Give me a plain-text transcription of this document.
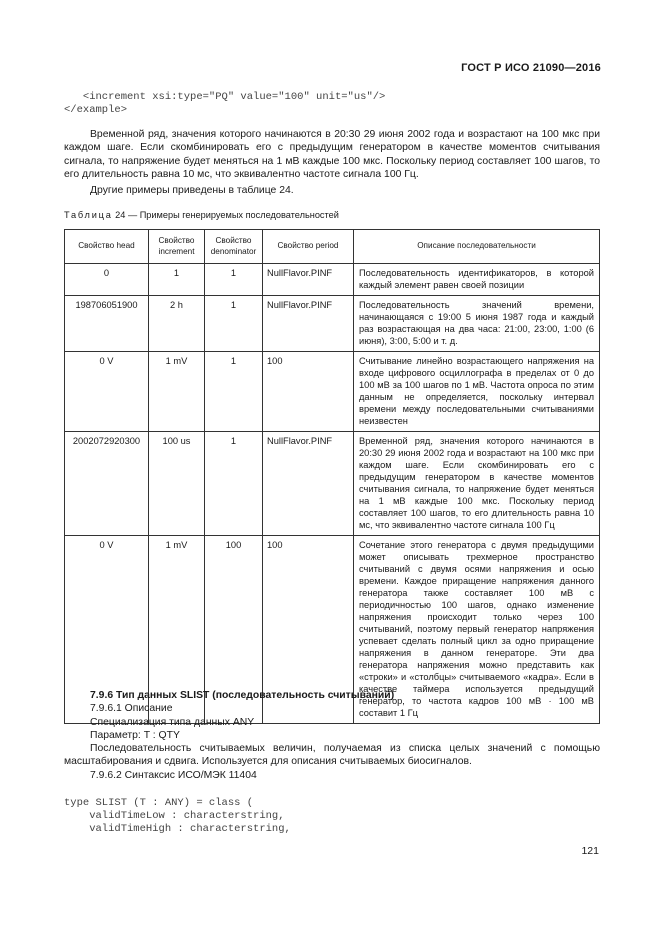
ГОСТ Р ИСО 21090—2016
<increment xsi:type="PQ" value="100" unit="us"/>
</example>
Временной ряд, значения которого начинаются в 20:30 29 июня 2002 года и возрастают на 100 мкс при каждом шаге. Если скомбинировать его с предыдущим генератором в качестве моментов считывания сигнала, то напряжение будет меняться на 1 мВ каждые 100 мкс. Поскольку период составляет 100 шагов, то его длительность равна 10 мс, что эквивалентно частоте сигнала 100 Гц.
Другие примеры приведены в таблице 24.
Таблица 24 — Примеры генерируемых последовательностей
Свойство head	Свойство increment	Свойство denominator	Свойство period	Описание последовательности
0	1	1	NullFlavor.PINF	Последовательность идентификаторов, в которой каждый элемент равен своей позиции
198706051900	2 h	1	NullFlavor.PINF	Последовательность значений времени, начинающаяся с 19:00 5 июня 1987 года и каждый раз возрастающая на два часа: 21:00, 23:00, 1:00 (6 июня), 3:00, 5:00 и т. д.
0 V	1 mV	1	100	Считывание линейно возрастающего напряжения на входе цифрового осциллографа в пределах от 0 до 100 мВ за 100 шагов по 1 мВ. Частота опроса по этим данным не определяется, поскольку интервал времени между последовательными считываниями неизвестен
2002072920300	100 us	1	NullFlavor.PINF	Временной ряд, значения которого начинаются в 20:30 29 июня 2002 года и возрастают на 100 мкс при каждом шаге. Если скомбинировать его с предыдущим генератором в качестве моментов считывания сигнала, то напряжение будет меняться на 1 мВ каждые 100 мкс. Поскольку период составляет 100 шагов, то его длительность равна 10 мс, что эквивалентно частоте сигнала 100 Гц
0 V	1 mV	100	100	Сочетание этого генератора с двумя предыдущими может описывать трехмерное пространство считываний с двумя осями напряжения и осью времени. Каждое приращение напряжения данного генератора также составляет 100 мВ с периодичностью 100 шагов, однако изменение напряжения происходит только через 100 считываний, поэтому первый генератор напряжения успевает сделать полный цикл за одно приращение напряжения в данном генераторе. Эти два генератора напряжения можно представить как «строки» и «столбцы» считываемого «кадра». Если в качестве таймера используется предыдущий генератор, то частота кадров 100 мВ · 100 мВ составит 1 Гц
7.9.6 Тип данных SLIST (последовательность считываний)
7.9.6.1 Описание
Специализация типа данных ANY
Параметр: T : QTY
Последовательность считываемых величин, получаемая из списка целых значений с помощью масштабирования и сдвига. Используется для описания считываемых биосигналов.
7.9.6.2 Синтаксис ИСО/МЭК 11404
type SLIST (T : ANY) = class (
validTimeLow : characterstring,
validTimeHigh : characterstring,
121
